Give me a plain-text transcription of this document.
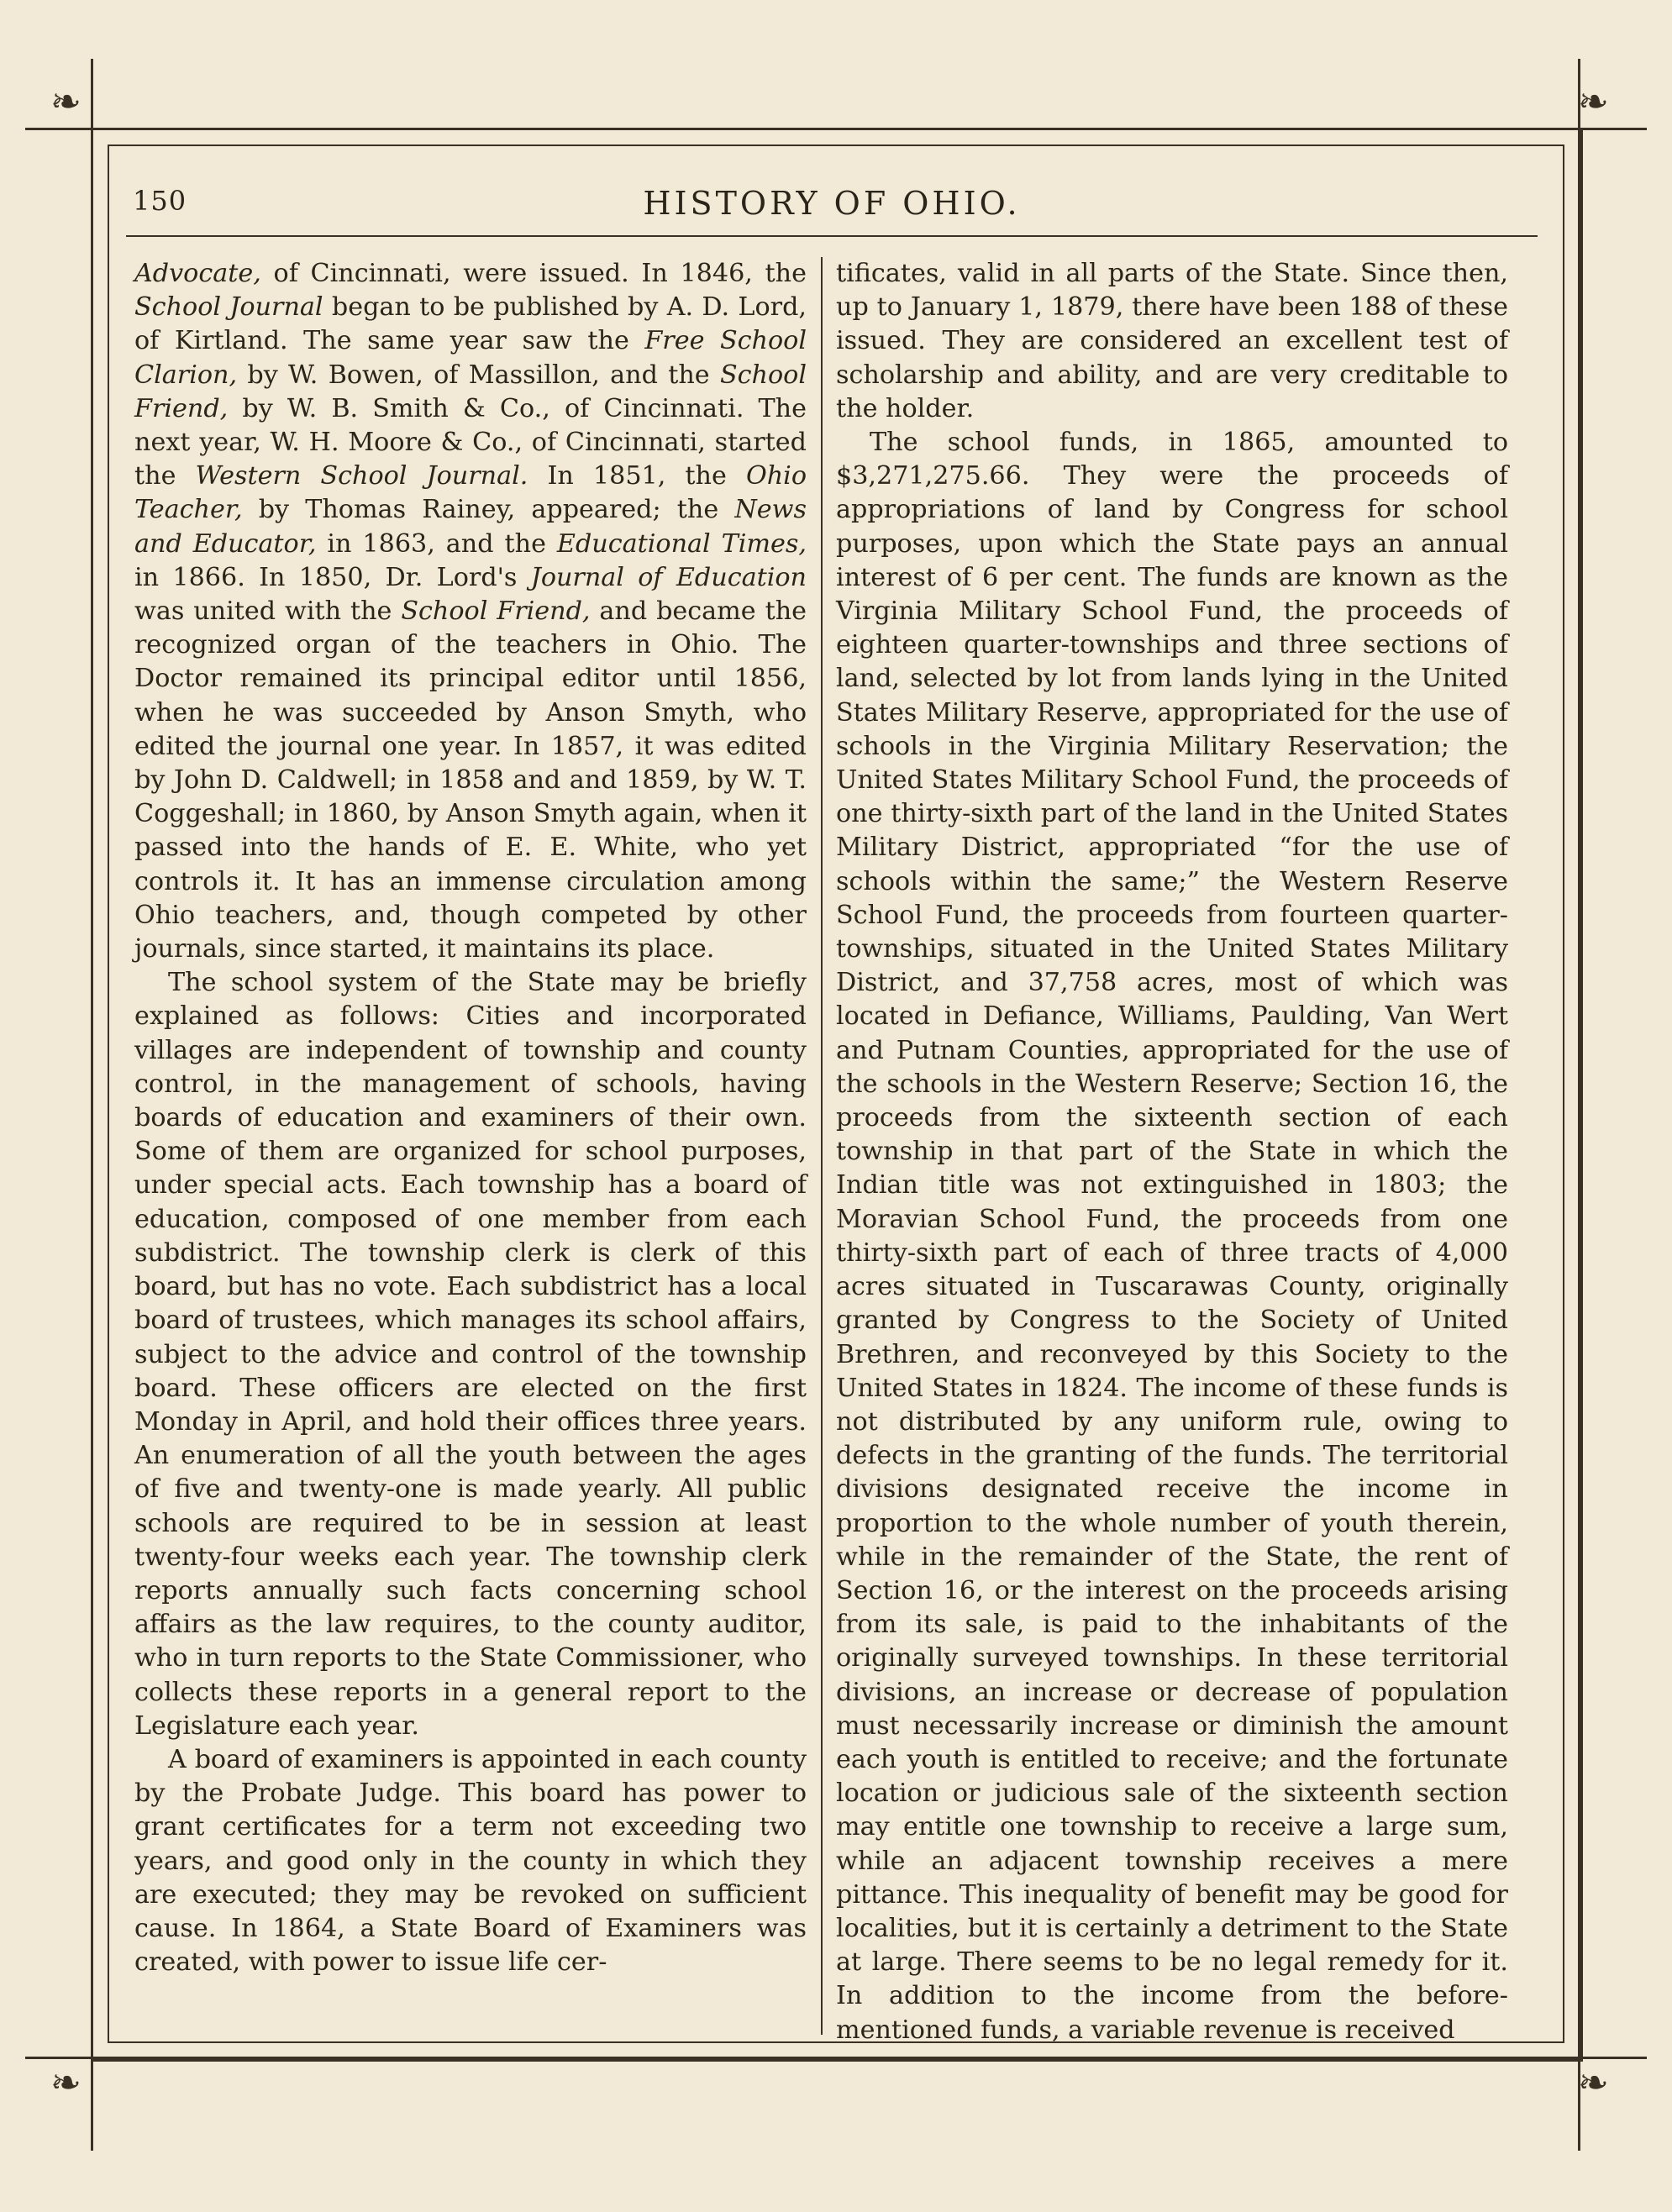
❧	❧
❧	❧
150	HISTORY OF OHIO.

Advocate, of Cincinnati, were issued. In 1846, the School Journal began to be published by A. D. Lord, of Kirtland. The same year saw the Free School Clarion, by W. Bowen, of Massillon, and the School Friend, by W. B. Smith & Co., of Cincinnati. The next year, W. H. Moore & Co., of Cincinnati, started the Western School Journal. In 1851, the Ohio Teacher, by Thomas Rainey, appeared; the News and Educator, in 1863, and the Educational Times, in 1866. In 1850, Dr. Lord's Journal of Education was united with the School Friend, and became the recognized organ of the teachers in Ohio. The Doctor remained its principal editor until 1856, when he was succeeded by Anson Smyth, who edited the journal one year. In 1857, it was edited by John D. Caldwell; in 1858 and and 1859, by W. T. Coggeshall; in 1860, by Anson Smyth again, when it passed into the hands of E. E. White, who yet controls it. It has an immense circulation among Ohio teachers, and, though competed by other journals, since started, it maintains its place.

The school system of the State may be briefly explained as follows: Cities and incorporated villages are independent of township and county control, in the management of schools, having boards of education and examiners of their own. Some of them are organized for school purposes, under special acts. Each township has a board of education, composed of one member from each subdistrict. The township clerk is clerk of this board, but has no vote. Each subdistrict has a local board of trustees, which manages its school affairs, subject to the advice and control of the township board. These officers are elected on the first Monday in April, and hold their offices three years. An enumeration of all the youth between the ages of five and twenty-one is made yearly. All public schools are required to be in session at least twenty-four weeks each year. The township clerk reports annually such facts concerning school affairs as the law requires, to the county auditor, who in turn reports to the State Commissioner, who collects these reports in a general report to the Legislature each year.

A board of examiners is appointed in each county by the Probate Judge. This board has power to grant certificates for a term not exceeding two years, and good only in the county in which they are executed; they may be revoked on sufficient cause. In 1864, a State Board of Examiners was created, with power to issue life cer-

tificates, valid in all parts of the State. Since then, up to January 1, 1879, there have been 188 of these issued. They are considered an excellent test of scholarship and ability, and are very creditable to the holder.

The school funds, in 1865, amounted to $3,271,275.66. They were the proceeds of appropriations of land by Congress for school purposes, upon which the State pays an annual interest of 6 per cent. The funds are known as the Virginia Military School Fund, the proceeds of eighteen quarter-townships and three sections of land, selected by lot from lands lying in the United States Military Reserve, appropriated for the use of schools in the Virginia Military Reservation; the United States Military School Fund, the proceeds of one thirty-sixth part of the land in the United States Military District, appropriated “for the use of schools within the same;” the Western Reserve School Fund, the proceeds from fourteen quarter-townships, situated in the United States Military District, and 37,758 acres, most of which was located in Defiance, Williams, Paulding, Van Wert and Putnam Counties, appropriated for the use of the schools in the Western Reserve; Section 16, the proceeds from the sixteenth section of each township in that part of the State in which the Indian title was not extinguished in 1803; the Moravian School Fund, the proceeds from one thirty-sixth part of each of three tracts of 4,000 acres situated in Tuscarawas County, originally granted by Congress to the Society of United Brethren, and reconveyed by this Society to the United States in 1824. The income of these funds is not distributed by any uniform rule, owing to defects in the granting of the funds. The territorial divisions designated receive the income in proportion to the whole number of youth therein, while in the remainder of the State, the rent of Section 16, or the interest on the proceeds arising from its sale, is paid to the inhabitants of the originally surveyed townships. In these territorial divisions, an increase or decrease of population must necessarily increase or diminish the amount each youth is entitled to receive; and the fortunate location or judicious sale of the sixteenth section may entitle one township to receive a large sum, while an adjacent township receives a mere pittance. This inequality of benefit may be good for localities, but it is certainly a detriment to the State at large. There seems to be no legal remedy for it. In addition to the income from the before-mentioned funds, a variable revenue is received
